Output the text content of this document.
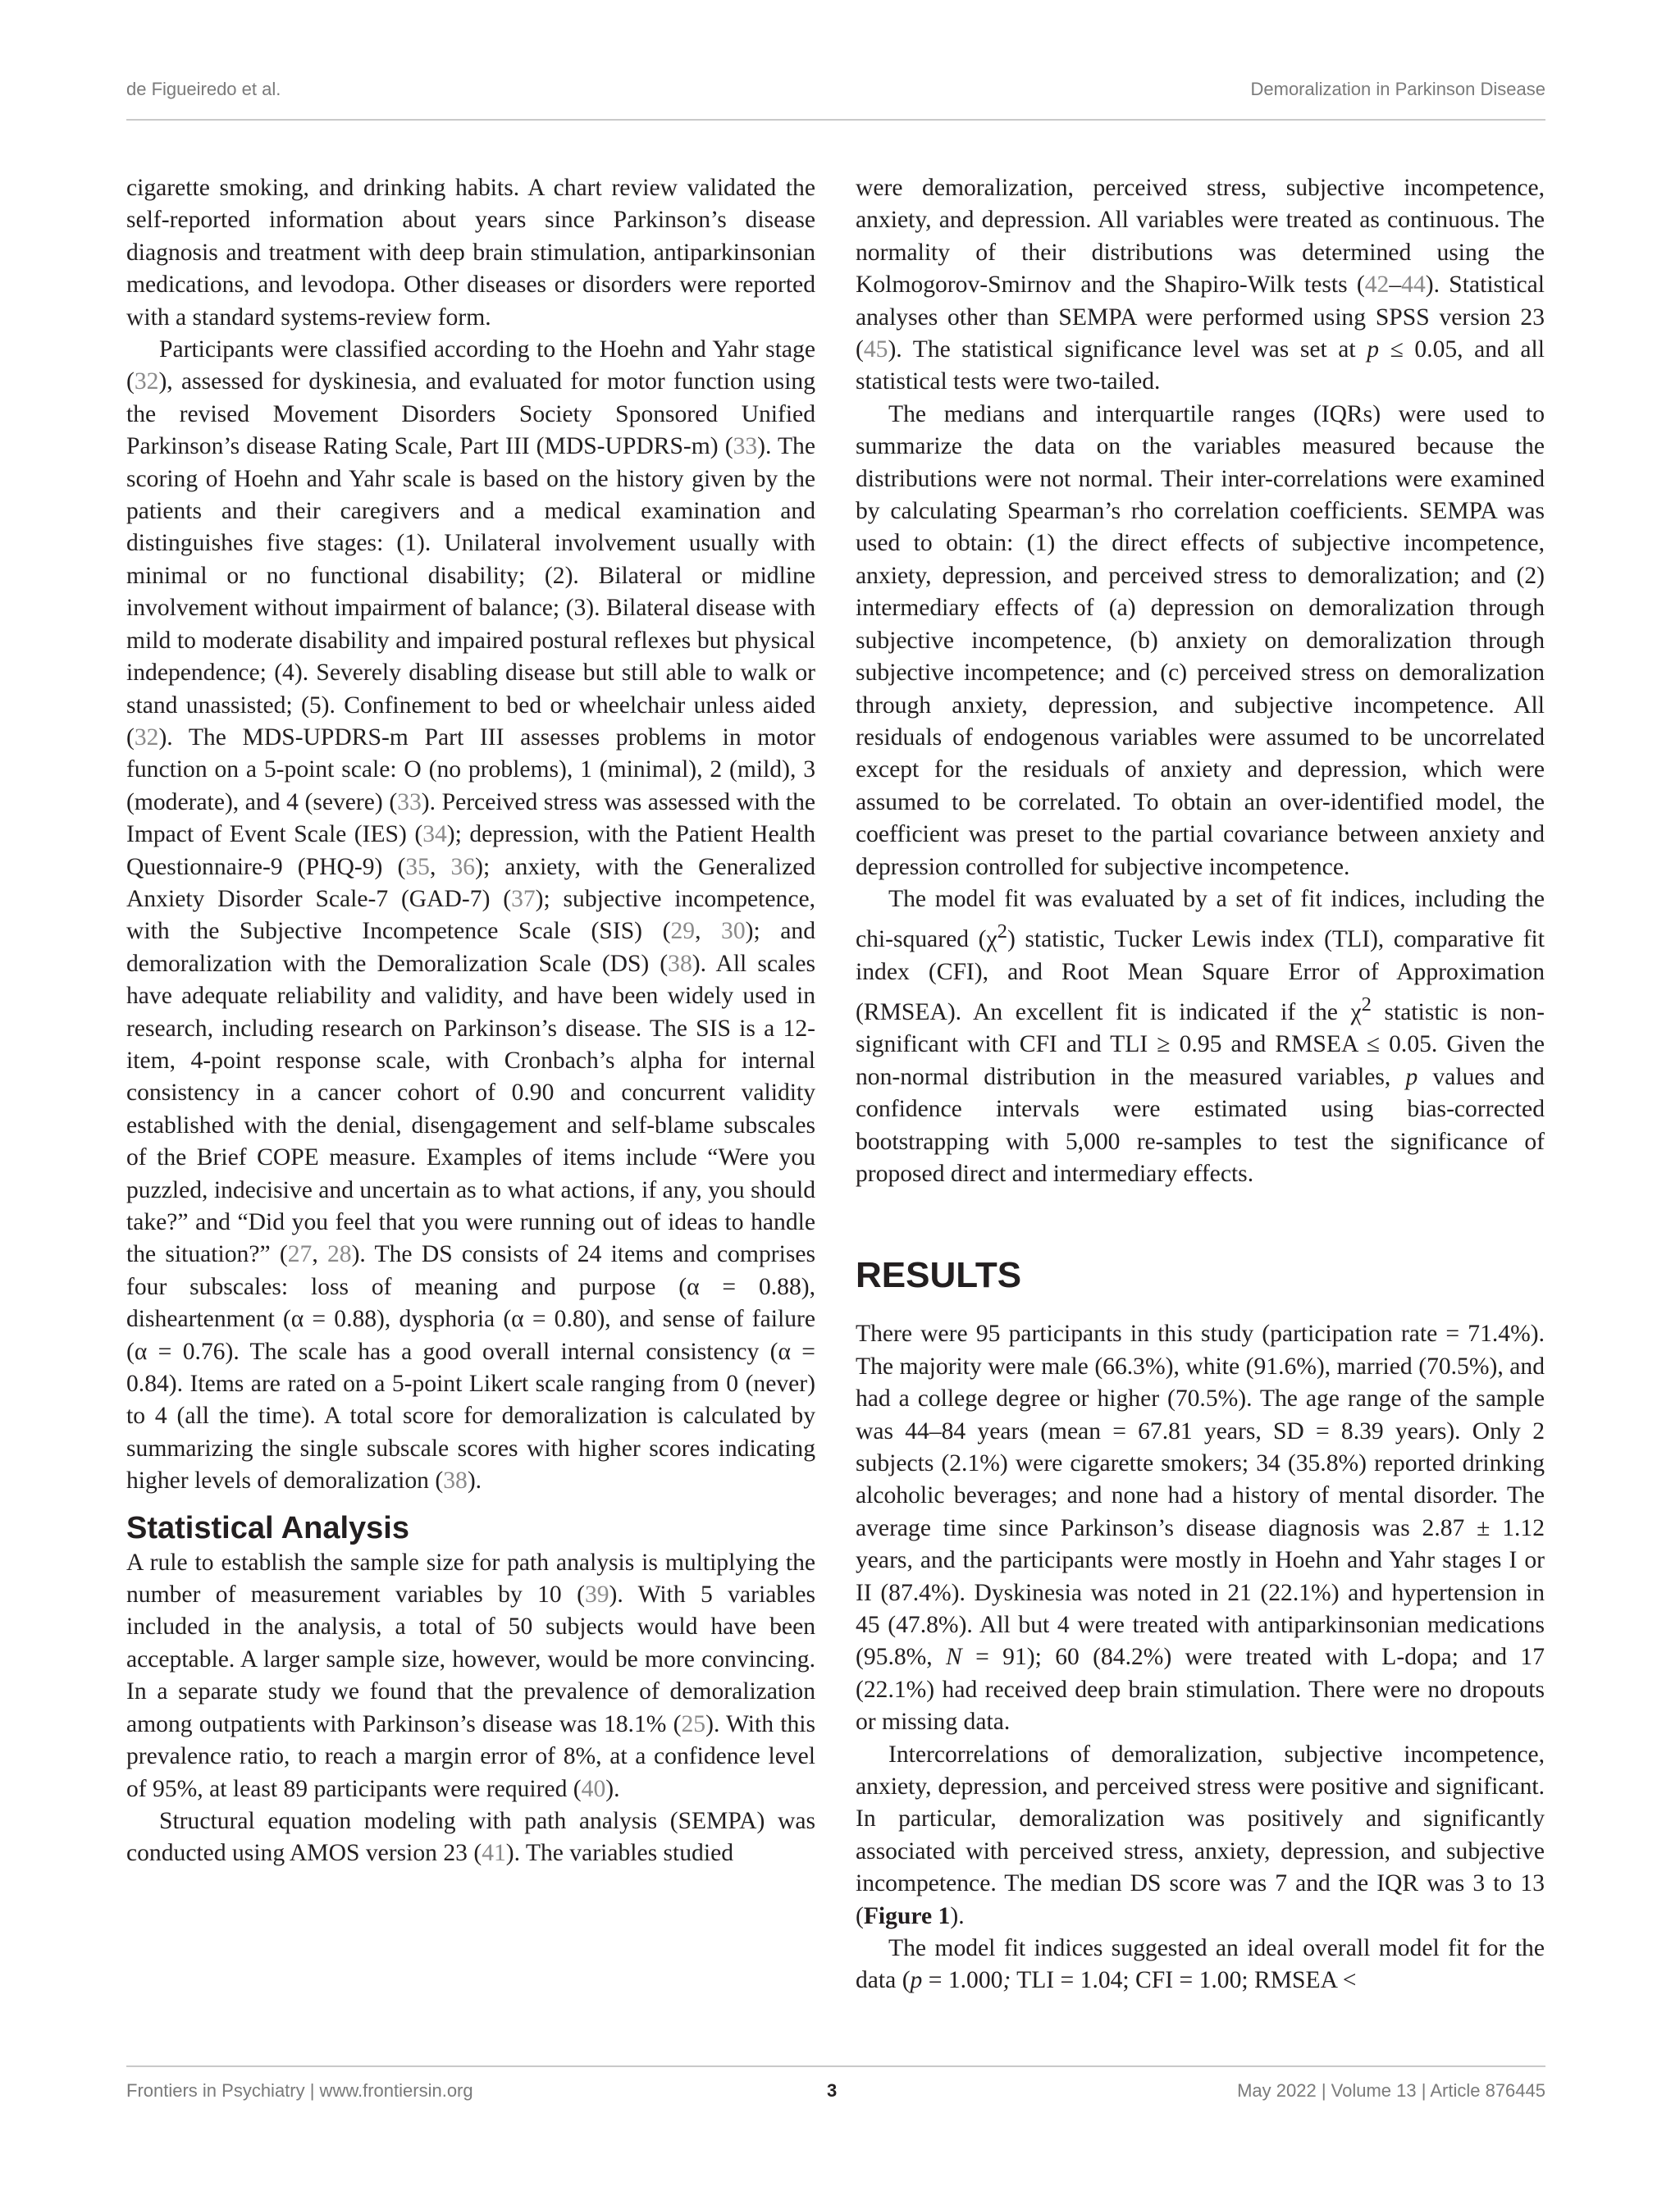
de Figueiredo et al.	Demoralization in Parkinson Disease

cigarette smoking, and drinking habits. A chart review validated the self-reported information about years since Parkinson’s disease diagnosis and treatment with deep brain stimulation, antiparkinsonian medications, and levodopa. Other diseases or disorders were reported with a standard systems-review form.

Participants were classified according to the Hoehn and Yahr stage (32), assessed for dyskinesia, and evaluated for motor function using the revised Movement Disorders Society Sponsored Unified Parkinson’s disease Rating Scale, Part III (MDS-UPDRS-m) (33). The scoring of Hoehn and Yahr scale is based on the history given by the patients and their caregivers and a medical examination and distinguishes five stages: (1). Unilateral involvement usually with minimal or no functional disability; (2). Bilateral or midline involvement without impairment of balance; (3). Bilateral disease with mild to moderate disability and impaired postural reflexes but physical independence; (4). Severely disabling disease but still able to walk or stand unassisted; (5). Confinement to bed or wheelchair unless aided (32). The MDS-UPDRS-m Part III assesses problems in motor function on a 5-point scale: O (no problems), 1 (minimal), 2 (mild), 3 (moderate), and 4 (severe) (33). Perceived stress was assessed with the Impact of Event Scale (IES) (34); depression, with the Patient Health Questionnaire-9 (PHQ-9) (35, 36); anxiety, with the Generalized Anxiety Disorder Scale-7 (GAD-7) (37); subjective incompetence, with the Subjective Incompetence Scale (SIS) (29, 30); and demoralization with the Demoralization Scale (DS) (38). All scales have adequate reliability and validity, and have been widely used in research, including research on Parkinson’s disease. The SIS is a 12-item, 4-point response scale, with Cronbach’s alpha for internal consistency in a cancer cohort of 0.90 and concurrent validity established with the denial, disengagement and self-blame subscales of the Brief COPE measure. Examples of items include “Were you puzzled, indecisive and uncertain as to what actions, if any, you should take?” and “Did you feel that you were running out of ideas to handle the situation?” (27, 28). The DS consists of 24 items and comprises four subscales: loss of meaning and purpose (α = 0.88), disheartenment (α = 0.88), dysphoria (α = 0.80), and sense of failure (α = 0.76). The scale has a good overall internal consistency (α = 0.84). Items are rated on a 5-point Likert scale ranging from 0 (never) to 4 (all the time). A total score for demoralization is calculated by summarizing the single subscale scores with higher scores indicating higher levels of demoralization (38).

Statistical Analysis

A rule to establish the sample size for path analysis is multiplying the number of measurement variables by 10 (39). With 5 variables included in the analysis, a total of 50 subjects would have been acceptable. A larger sample size, however, would be more convincing. In a separate study we found that the prevalence of demoralization among outpatients with Parkinson’s disease was 18.1% (25). With this prevalence ratio, to reach a margin error of 8%, at a confidence level of 95%, at least 89 participants were required (40).

Structural equation modeling with path analysis (SEMPA) was conducted using AMOS version 23 (41). The variables studied

were demoralization, perceived stress, subjective incompetence, anxiety, and depression. All variables were treated as continuous. The normality of their distributions was determined using the Kolmogorov-Smirnov and the Shapiro-Wilk tests (42–44). Statistical analyses other than SEMPA were performed using SPSS version 23 (45). The statistical significance level was set at p ≤ 0.05, and all statistical tests were two-tailed.

The medians and interquartile ranges (IQRs) were used to summarize the data on the variables measured because the distributions were not normal. Their inter-correlations were examined by calculating Spearman’s rho correlation coefficients. SEMPA was used to obtain: (1) the direct effects of subjective incompetence, anxiety, depression, and perceived stress to demoralization; and (2) intermediary effects of (a) depression on demoralization through subjective incompetence, (b) anxiety on demoralization through subjective incompetence; and (c) perceived stress on demoralization through anxiety, depression, and subjective incompetence. All residuals of endogenous variables were assumed to be uncorrelated except for the residuals of anxiety and depression, which were assumed to be correlated. To obtain an over-identified model, the coefficient was preset to the partial covariance between anxiety and depression controlled for subjective incompetence.

The model fit was evaluated by a set of fit indices, including the chi-squared $(\chi^2)$ statistic, Tucker Lewis index (TLI), comparative fit index (CFI), and Root Mean Square Error of Approximation (RMSEA). An excellent fit is indicated if the $\chi^2$ statistic is non-significant with CFI and TLI ≥ 0.95 and RMSEA ≤ 0.05. Given the non-normal distribution in the measured variables, p values and confidence intervals were estimated using bias-corrected bootstrapping with 5,000 re-samples to test the significance of proposed direct and intermediary effects.

RESULTS

There were 95 participants in this study (participation rate = 71.4%). The majority were male (66.3%), white (91.6%), married (70.5%), and had a college degree or higher (70.5%). The age range of the sample was 44–84 years (mean = 67.81 years, SD = 8.39 years). Only 2 subjects (2.1%) were cigarette smokers; 34 (35.8%) reported drinking alcoholic beverages; and none had a history of mental disorder. The average time since Parkinson’s disease diagnosis was 2.87 ± 1.12 years, and the participants were mostly in Hoehn and Yahr stages I or II (87.4%). Dyskinesia was noted in 21 (22.1%) and hypertension in 45 (47.8%). All but 4 were treated with antiparkinsonian medications (95.8%, N = 91); 60 (84.2%) were treated with L-dopa; and 17 (22.1%) had received deep brain stimulation. There were no dropouts or missing data.

Intercorrelations of demoralization, subjective incompetence, anxiety, depression, and perceived stress were positive and significant. In particular, demoralization was positively and significantly associated with perceived stress, anxiety, depression, and subjective incompetence. The median DS score was 7 and the IQR was 3 to 13 (Figure 1).

The model fit indices suggested an ideal overall model fit for the data (p = 1.000; TLI = 1.04; CFI = 1.00; RMSEA <

Frontiers in Psychiatry | www.frontiersin.org	3	May 2022 | Volume 13 | Article 876445
